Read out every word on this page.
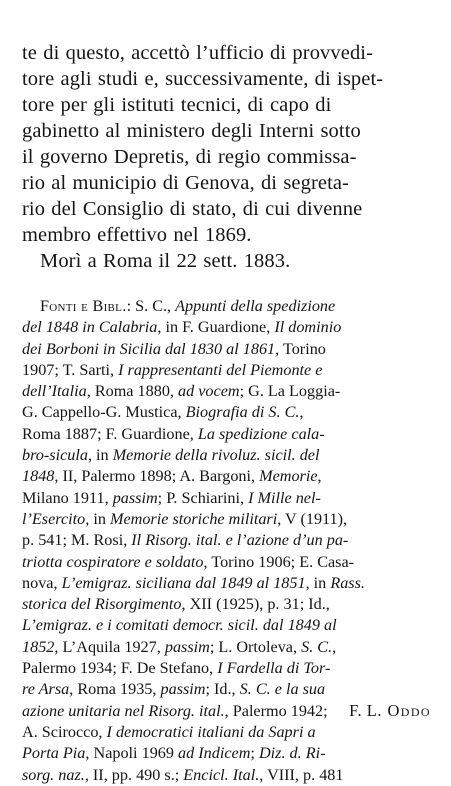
te di questo, accettò l’ufficio di provvedi-
tore agli studi e, successivamente, di ispet-
tore per gli istituti tecnici, di capo di
gabinetto al ministero degli Interni sotto
il governo Depretis, di regio commissa-
rio al municipio di Genova, di segreta-
rio del Consiglio di stato, di cui divenne
membro effettivo nel 1869.
Morì a Roma il 22 sett. 1883.
Fonti e Bibl.: S. C., Appunti della spedizione
del 1848 in Calabria, in F. Guardione, Il dominio
dei Borboni in Sicilia dal 1830 al 1861, Torino
1907; T. Sarti, I rappresentanti del Piemonte e
dell’Italia, Roma 1880, ad vocem; G. La Loggia-
G. Cappello-G. Mustica, Biografia di S. C.,
Roma 1887; F. Guardione, La spedizione cala-
bro-sicula, in Memorie della rivoluz. sicil. del
1848, II, Palermo 1898; A. Bargoni, Memorie,
Milano 1911, passim; P. Schiarini, I Mille nel-
l’Esercito, in Memorie storiche militari, V (1911),
p. 541; M. Rosi, Il Risorg. ital. e l’azione d’un pa-
triotta cospiratore e soldato, Torino 1906; E. Casa-
nova, L’emigraz. siciliana dal 1849 al 1851, in Rass.
storica del Risorgimento, XII (1925), p. 31; Id.,
L’emigraz. e i comitati democr. sicil. dal 1849 al
1852, L’Aquila 1927, passim; L. Ortoleva, S. C.,
Palermo 1934; F. De Stefano, I Fardella di Tor-
re Arsa, Roma 1935, passim; Id., S. C. e la sua
azione unitaria nel Risorg. ital., Palermo 1942;
A. Scirocco, I democratici italiani da Sapri a
Porta Pia, Napoli 1969 ad Indicem; Diz. d. Ri-
sorg. naz., II, pp. 490 s.; Encicl. Ital., VIII, p. 481
F. L. Oddo
